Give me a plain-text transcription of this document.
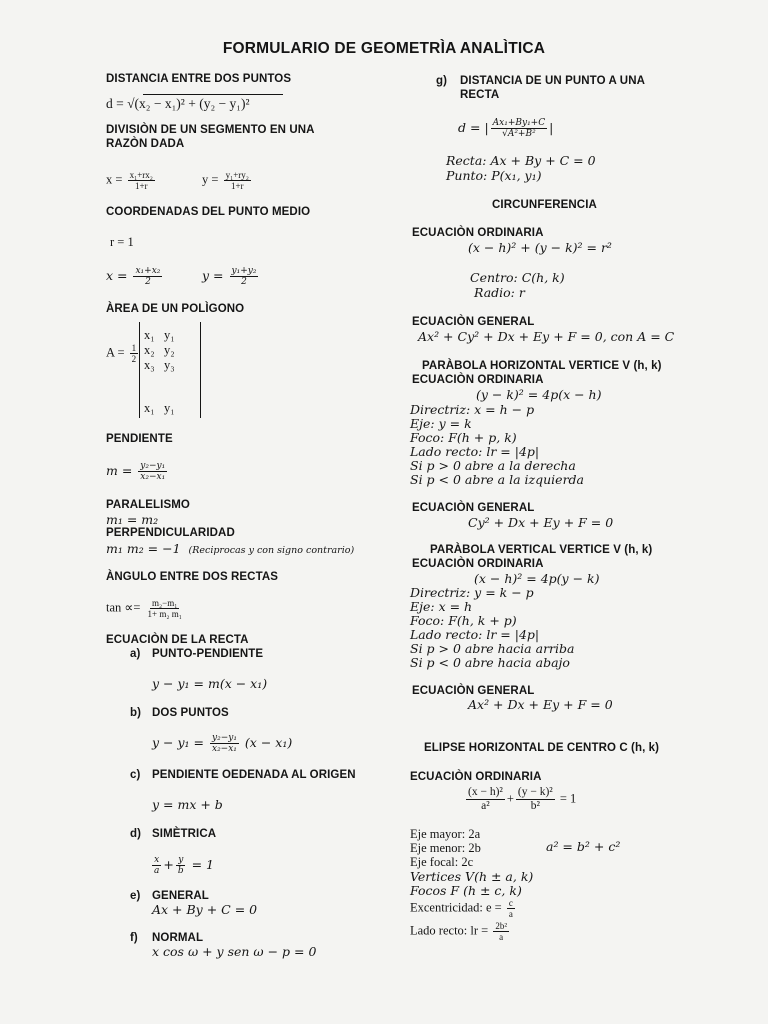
FORMULARIO DE GEOMETRÌA ANALÌTICA
DISTANCIA ENTRE DOS PUNTOS
d = √(x₂ − x₁)² + (y₂ − y₁)²
DIVISIÒN DE UN SEGMENTO EN UNA RAZÒN DADA
$x = \frac{\text{x₁+rx₂}}{1+r}$	$y = \frac{\text{y₁+ry₂}}{1+r}$
COORDENADAS DEL PUNTO MEDIO
r = 1
$x = \frac{\text{x₁+x₂}}{2}$	$y = \frac{\text{y₁+y₂}}{2}$
ÀREA DE UN POLÌGONO
$A = \frac{1}{2}$
x₁ y₁
x₂ y₂
x₃ y₃
x₁ y₁
PENDIENTE
$m = \frac{\text{y₂−y₁}}{\text{x₂−x₁}}$
PARALELISMO
m₁ = m₂
PERPENDICULARIDAD
m₁ m₂ = −1 (Reciprocas y con signo contrario)
ÀNGULO ENTRE DOS RECTAS
$\tan \propto= \frac{\text{m₂−m₁}}{\text{1+ m₂ m₁}}$
ECUACIÒN DE LA RECTA
a) PUNTO-PENDIENTE
y − y₁ = m(x − x₁)
b) DOS PUNTOS
$y - y_1 = \frac{\text{y₂−y₁}}{\text{x₂−x₁}} (x - x_1)$
c) PENDIENTE OEDENADA AL ORIGEN
y = mx + b
d) SIMÈTRICA
$\frac{x}{a} + \frac{y}{b} = 1$
e) GENERAL
Ax + By + C = 0
f) NORMAL
x cos ω + y sen ω − p = 0
g) DISTANCIA DE UN PUNTO A UNA RECTA
d = | $\frac{\text{Ax₁+By₁+C}}{\text{√A²+B²}}$ |
Recta: Ax + By + C = 0
Punto: P(x₁, y₁)
CIRCUNFERENCIA
ECUACIÒN ORDINARIA
(x − h)² + (y − k)² = r²
Centro: C(h, k)
Radio: r
ECUACIÒN GENERAL
Ax² + Cy² + Dx + Ey + F = 0, con A = C
PARÀBOLA HORIZONTAL VERTICE V (h, k)
ECUACIÒN ORDINARIA
(y − k)² = 4p(x − h)
Directriz: x = h − p
Eje: y = k
Foco: F(h + p, k)
Lado recto: lr = |4p|
Si p > 0 abre a la derecha
Si p < 0 abre a la izquierda
ECUACIÒN GENERAL
Cy² + Dx + Ey + F = 0
PARÀBOLA VERTICAL VERTICE V (h, k)
ECUACIÒN ORDINARIA
(x − h)² = 4p(y − k)
Directriz: y = k − p
Eje: x = h
Foco: F(h, k + p)
Lado recto: lr = |4p|
Si p > 0 abre hacia arriba
Si p < 0 abre hacia abajo
ECUACIÒN GENERAL
Ax² + Dx + Ey + F = 0
ELIPSE HORIZONTAL DE CENTRO C (h, k)
ECUACIÒN ORDINARIA
$\frac{\text{(x − h)²}}{\text{a²}} + \frac{\text{(y − k)²}}{\text{b²}} = 1$
Eje mayor: 2a
Eje menor: 2b	a² = b² + c²
Eje focal: 2c
Vertices V(h ± a, k)
Focos F (h ± c, k)
Excentricidad: $e = \frac{c}{a}$
Lado recto: lr = $\frac{\text{2b²}}{a}$
